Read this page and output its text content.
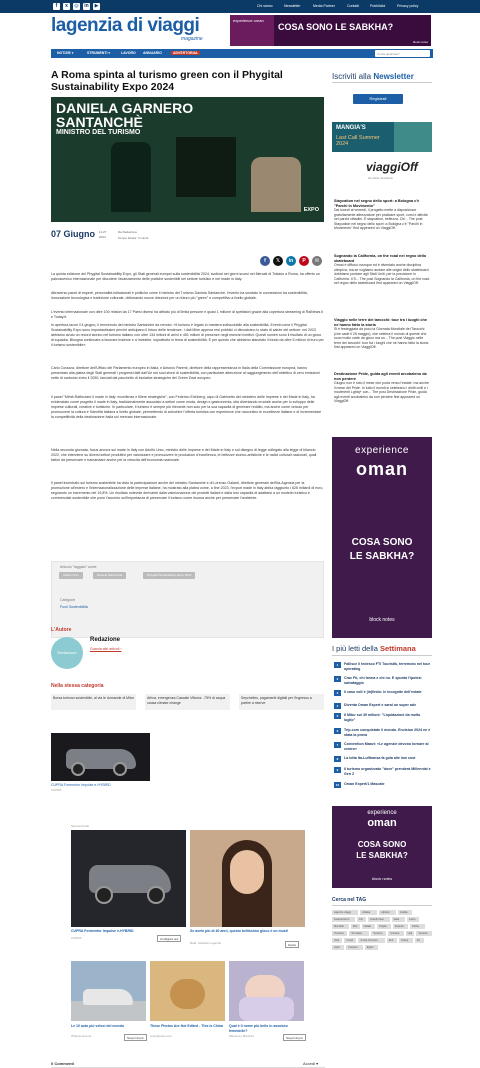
f	x	◎ in	▶	Chi siamo	Newsletter	Media Partner	Contatti	Pubblicità	Privacy policy
lagenzia di viaggi
magazine
experience oman
COSA SONO LE SABKHA?
block notes
NOTIZIE ▾	STRUMENTI ▾	LAVORO ANNUARIO	ADVERTORIAL	Cerca qualcosa?
A Roma spinta al turismo green con il Phygital Sustainability Expo 2024
DANIELA GARNERO
SANTANCHÈ
MINISTRO DEL TURISMO
EXPO
07 Giugno 11:27
2024
Da Redazione
Tempo lettura: 3 minuti
f	𝕏	in	P	✉
La quinta edizione del Phygital Sustainability Expo, gli Stati generali europei sulla sostenibilità 2024, svoltosi nei giorni scorsi nei Mercati di Traiano a Roma, ha offerto un palcoscenico internazionale per discutere l'avanzamento delle pratiche sostenibili nel settore turistico e nel made in Italy.
Attraverso panel di esperti, personalità istituzionali e politiche come il ministro del Turismo Daniela Santanchè. l'evento ha sondato le connessioni tra sostenibilità, innovazione tecnologica e tradizione culturale, delineando nuove direzioni per un futuro più "green" e competitivo a livello globale.
L'evento internazionale con oltre 100 relatori da 17 Paesi diversi ha attirato più di 5mila persone e quasi 1 milione di spettatori grazie alla copertura streaming di RaiNews.it e Today.it.
In apertura lavori il 4 giugno, il benvenuto del ministro Santanchè da remoto: «Il turismo è legato in maniera indissolubile alla sostenibilità. Eventi come il Phygital Sustainability Expo sono importantissimi perché anticipano il futuro delle tendenze. I dati Mise appena resi pubblici ci dimostrano lo stato di salute del settore: nel 2023 abbiamo avuto un record storico nel turismo italiano con oltre 134 milioni di arrivi e 451 milioni di presenze negli esercizi ricettivi. Questi numeri sono il risultato di un gioco di squadra. Bisogna continuare a lavorare insieme e a investire, soprattutto in tema di sostenibilità. E per questo che abbiamo stanziato il fondo da oltre 5 milioni di euro per il turismo sostenibile».
Carlo Corazza, direttore dell'Ufficio del Parlamento europeo in Italia, e Antonio Parenti, direttore della rappresentanza in Italia della Commissione europea, hanno presentato alla platea degli Stati generali i progressi fatti dall'Ue nei suoi sforzi di sostenibilità, con particolare attenzione al raggiungimento dell'obiettivo di zero emissioni nette di carbonio entro il 2050, lanciati dal pacchetto di iniziative strategiche del Green Deal europeo.
Il panel "Mimit-Rafforzare il made in Italy: eccellenze e filiere strategiche", con Federico Eichberg, capo di Gabinetto del ministero delle Imprese e del Made in Italy, ha evidenziato come progetto il made in Italy, tradizionalmente associato a settori come moda, design e gastronomia, stia diventando cruciale anche per lo sviluppo delle imprese culturali, creative e turistiche. In particolare, il turismo è sempre più rilevante non solo per la sua capacità di generare reddito, ma anche come veicolo per promuovere la cultura e l'identità italiana a livello globale, permettendo di arricchire l'offerta turistica con esperienze che raccontino le eccellenze italiane e di incrementare la competitività della destinazione Italia sul mercato internazionale.
Nella seconda giornata, focus ancora sul made in Italy con Adolfo Urso, ministro delle Imprese e del Made in Italy e sul disegno di legge collegato alla legge di bilancio 2022, che interviene su diversi settori produttivi per valorizzare e promuovere le produzioni d'eccellenza, le bellezze storico-artistiche e le radici culturali nazionali, quali fattori da preservare e tramandare anche per la crescita dell'economia nazionale.
Il panel incentrato sul turismo sostenibile ha visto la partecipazione anche del ministro Santanchè e di Lorenzo Galanti, direttore generale dell'Ita-Agenzia per la promozione all'estero e l'internazionalizzazione delle imprese italiane, ha mostrato alla platea come, a fine 2023, l'export made in Italy abbia raggiunto i 626 miliardi di euro, segnando un incremento del 19,8%. Un risultato notevole derivante dalla valorizzazione dei prodotti italiani e dalla loro capacità di adattarsi a un modello turistico e commerciale sostenibile che pone l'accento sull'importanza di preservare il turismo come risorsa anche per preservare l'ambiente.
Articolo "taggato" come:
Categorie
Fuori Sostenibilità
Adolfo Urso	Daniela Santanchè	Phygital Sustainability Expo 2024
L'Autore
Redazione
Redazione
Guarda altri articoli ›
Nella stessa categoria
Borsa turismo sostenibile, al via le domande di Mitur	Africa, emergenza Cascate Vittoria: -75% di acqua causa climate change
Seychelles, pagamenti digitali per l'ingresso a partire a riserve
CUPRA Formentor Impulse e-HYBRID
CUPRA
Sponsorizzati
CUPRA Formentor Impulse e-HYBRID
CUPRA	Configura ora
Se avete più di 40 anni, questo bellissimo gioco è un must!
Raid: Shadow Legends	Gioca
Le 10 auto più veloci del mondo
Wheels Around	Scopri di più
These Photos Are Not Edited - This Is China
Livinglovely.com
Qual è il nome più bello in assoluto femminile?
Mamma e Bambini	Scopri di più
0 Commenti	Accedi ▾
Iscriviti alla Newsletter
Registrati
MANGIA'S
Last Call Summer 2024
viaggiOff
the white travelbook
Staycation nel segno dello sport: a Bologna c'è "Parchi in Movimento"
Dal lunedì al venerdì, il progetto mette a disposizione gratuitamente attrezzature per praticare sport, corsi e attività nei parchi cittadini. È staycation, bellezza. Chi... The post Staycation nel segno dello sport: a Bologna c'è "Parchi in Movimento" first appeared on ViaggiOff.
Sognando la California, on the road nei regno dello skateboard
Ormai è diffuso ovunque ed è diventato anche disciplina olimpica, ma se vogliamo andare alle origini dello skateboard dobbiamo puntare agli Stati Uniti, per la precisione in California. Il S... The post Sognando la California, on the road nel regno dello skateboard first appeared on ViaggiOff.
Viaggio nelle terre dei tarocchi: tour tra i luoghi che ne hanno fatto la storia
Si è festeggiata da poco la Giornata Mondiale dei Tarocchi (che cade il 25 maggio), che celebra il mondo di queste che sono molto carte da gioco ma un... The post Viaggio nelle terre dei tarocchi: tour tra i luoghi che ne hanno fatto la storia first appeared on ViaggiOff.
Destinazione Pride, guida agli eventi arcobaleno da non perdere
Giugno non è solo il mese che porta verso l'estate, ma anche il mese del Pride. In tutto il mondi si celebrano i diritti civili e i movimenti Lgbtq+ con... The post Destinazione Pride, guida agli eventi arcobaleno da non perdere first appeared on ViaggiOff.
experience
oman
COSA SONO
LE SABKHA?
block notes
I più letti della Settimana
1	Fallisce il tedesco FTI Touristik, terremoto nel tour operating
2	Crac Fti, chi trema e chi no. E spunta l'ipotesi salvataggio
3	Il caso volt è (in)finito: le incognite dell'estate
4	Diventa Oman Expert e sarai un super adv
5	Il Mitur sui 39 milioni: "Liquidazioni da molto luglio"
6	Trip.com conquistate il mondo. Envision 2024 ne è stata la prova
7	Convention Maavi: «Le agenzie devono tornare al centro»
8	La lotta Ita-Lufthansa fa gola alle low cost
9	Il turismo organizzato "dove" prenderà Millennial e Gen Z
10	Oman Expert/1 Mascate
experience
oman
COSA SONO
LE SABKHA?
block notes
Cerca nel TAG
Agenzie viaggi	Alitalia	Alpitour	Arabia
Federturismo	Fto	Grandi Navi	Italia	Lazio
Mondiali	Msc	Natale	Puglia	Ryanair	Sicilia
Toscana	Trenitalia	Turismo	Ucraina	Usa	Venezia
Vola	Covid	Costa Crociere	Enit	Fiavet	Ita
Astoi	Crociere	Egitto
